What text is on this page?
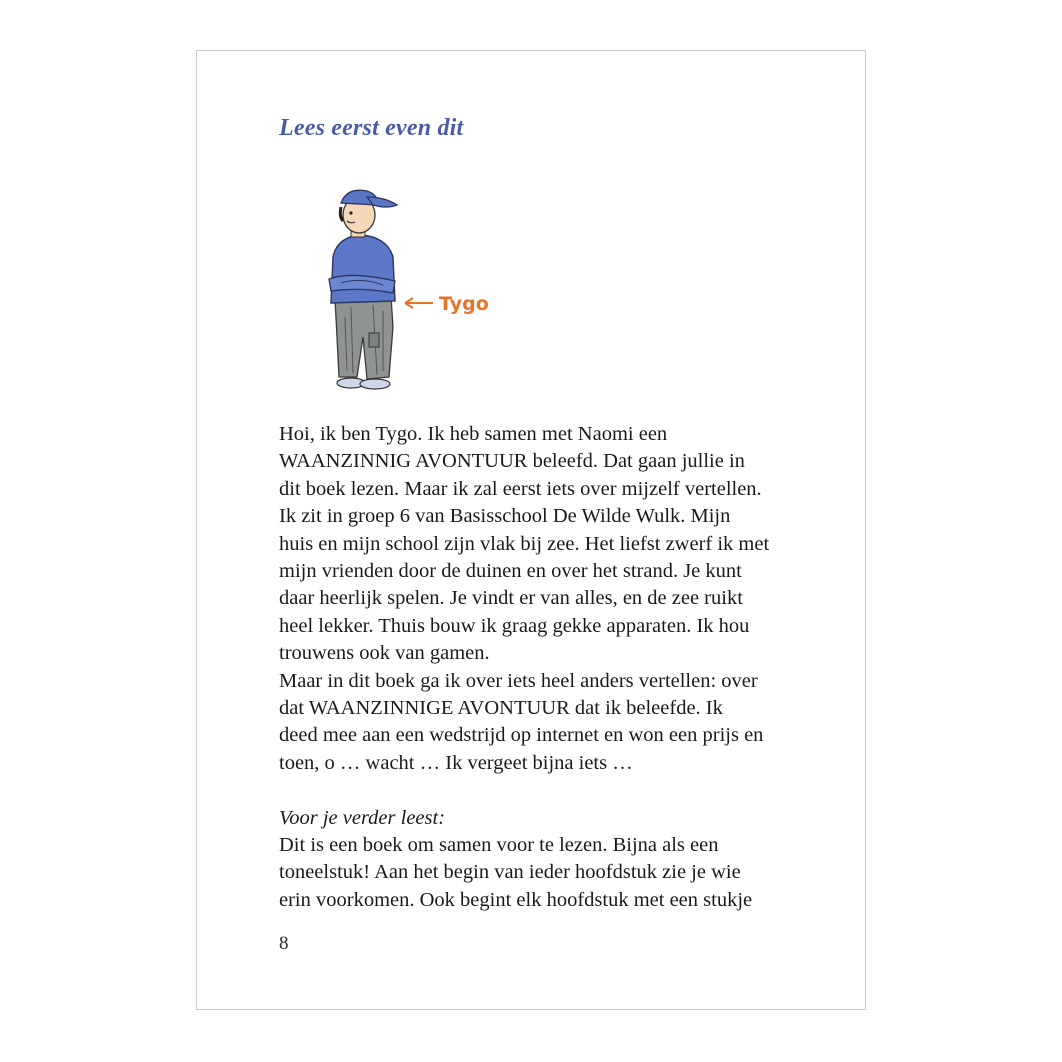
Lees eerst even dit
Tygo
Hoi, ik ben Tygo. Ik heb samen met Naomi een
WAANZINNIG AVONTUUR beleefd. Dat gaan jullie in
dit boek lezen. Maar ik zal eerst iets over mijzelf vertellen.
Ik zit in groep 6 van Basisschool De Wilde Wulk. Mijn
huis en mijn school zijn vlak bij zee. Het liefst zwerf ik met
mijn vrienden door de duinen en over het strand. Je kunt
daar heerlijk spelen. Je vindt er van alles, en de zee ruikt
heel lekker. Thuis bouw ik graag gekke apparaten. Ik hou
trouwens ook van gamen.
Maar in dit boek ga ik over iets heel anders vertellen: over
dat WAANZINNIGE AVONTUUR dat ik beleefde. Ik
deed mee aan een wedstrijd op internet en won een prijs en
toen, o … wacht … Ik vergeet bijna iets …
Voor je verder leest:
Dit is een boek om samen voor te lezen. Bijna als een
toneelstuk! Aan het begin van ieder hoofdstuk zie je wie
erin voorkomen. Ook begint elk hoofdstuk met een stukje
8
